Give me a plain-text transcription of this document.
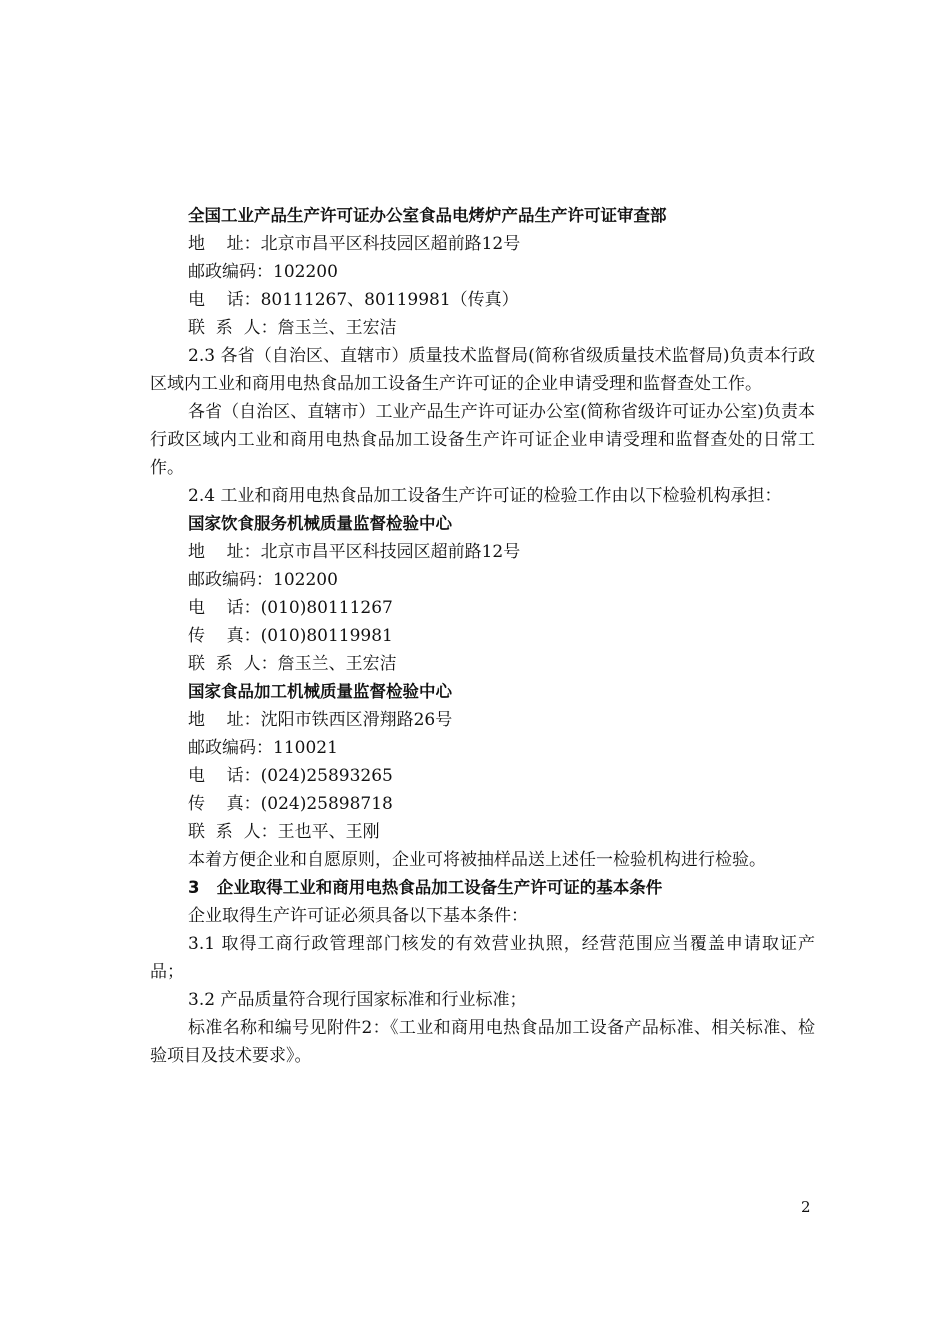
全国工业产品生产许可证办公室食品电烤炉产品生产许可证审查部
地    址：北京市昌平区科技园区超前路12号
邮政编码：102200
电    话：80111267、80119981（传真）
联  系  人：詹玉兰、王宏洁
2.3 各省（自治区、直辖市）质量技术监督局(简称省级质量技术监督局)负责本行政区域内工业和商用电热食品加工设备生产许可证的企业申请受理和监督查处工作。
各省（自治区、直辖市）工业产品生产许可证办公室(简称省级许可证办公室)负责本行政区域内工业和商用电热食品加工设备生产许可证企业申请受理和监督查处的日常工作。
2.4 工业和商用电热食品加工设备生产许可证的检验工作由以下检验机构承担：
国家饮食服务机械质量监督检验中心
地    址：北京市昌平区科技园区超前路12号
邮政编码：102200
电    话：(010)80111267
传    真：(010)80119981
联  系  人：詹玉兰、王宏洁
国家食品加工机械质量监督检验中心
地    址：沈阳市铁西区滑翔路26号
邮政编码：110021
电    话：(024)25893265
传    真：(024)25898718
联  系  人：王也平、王刚
本着方便企业和自愿原则，企业可将被抽样品送上述任一检验机构进行检验。
3   企业取得工业和商用电热食品加工设备生产许可证的基本条件
企业取得生产许可证必须具备以下基本条件：
3.1 取得工商行政管理部门核发的有效营业执照，经营范围应当覆盖申请取证产品；
3.2 产品质量符合现行国家标准和行业标准；
标准名称和编号见附件2：《工业和商用电热食品加工设备产品标准、相关标准、检验项目及技术要求》。
2
